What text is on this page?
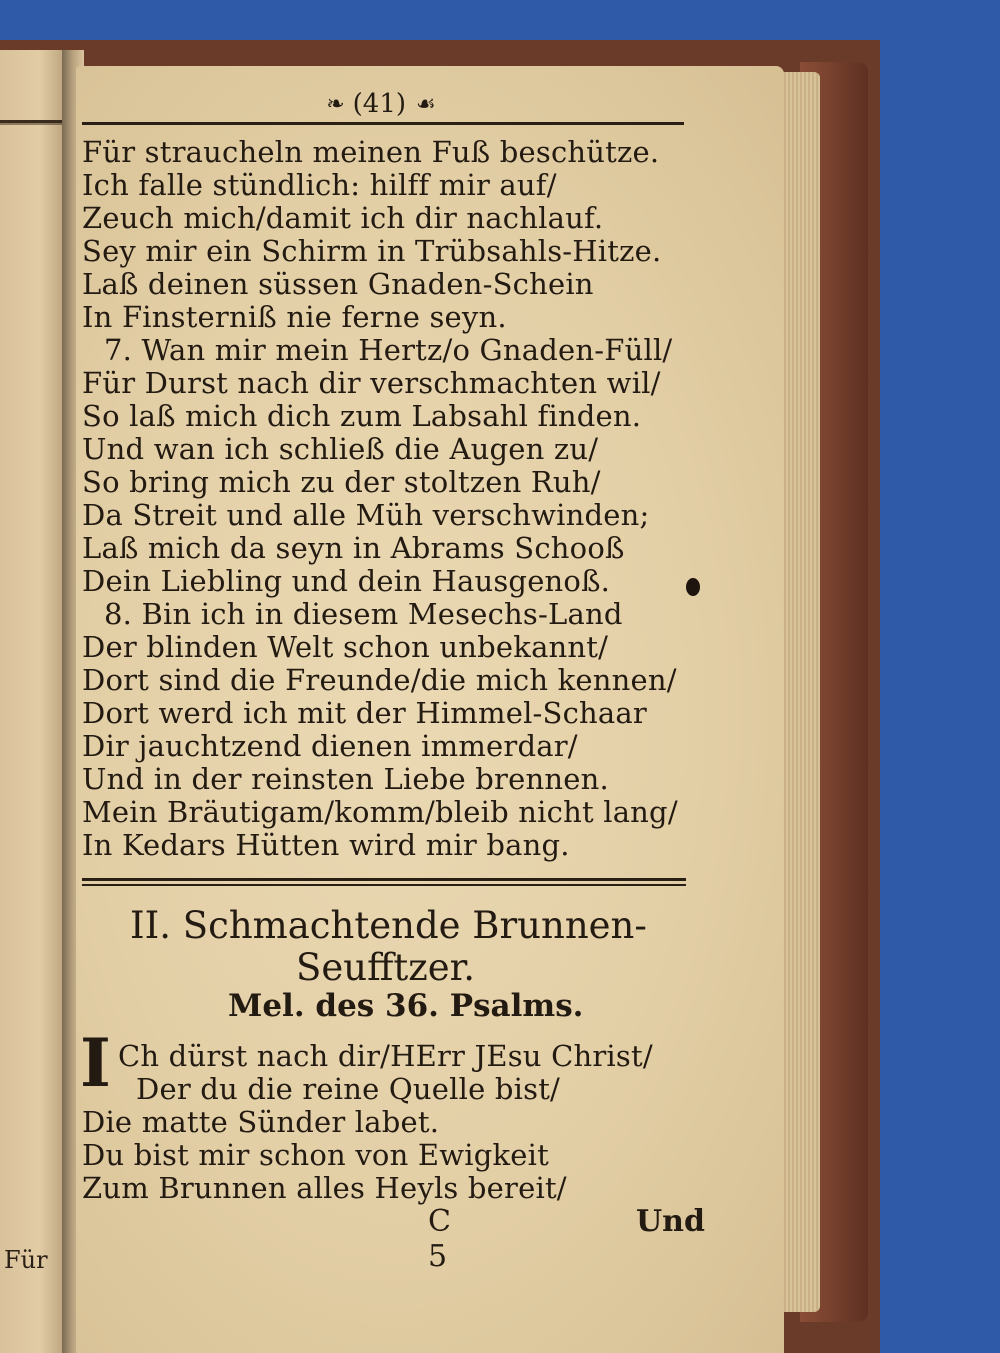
Für
❧ (41) ☙
Für straucheln meinen Fuß beschütze.
Ich falle stündlich: hilff mir auf/
Zeuch mich/damit ich dir nachlauf.
Sey mir ein Schirm in Trübsahls-Hitze.
Laß deinen süssen Gnaden-Schein
In Finsterniß nie ferne seyn.
7. Wan mir mein Hertz/o Gnaden-Füll/
Für Durst nach dir verschmachten wil/
So laß mich dich zum Labsahl finden.
Und wan ich schließ die Augen zu/
So bring mich zu der stoltzen Ruh/
Da Streit und alle Müh verschwinden;
Laß mich da seyn in Abrams Schooß
Dein Liebling und dein Hausgenoß.
8. Bin ich in diesem Mesechs-Land
Der blinden Welt schon unbekannt/
Dort sind die Freunde/die mich kennen/
Dort werd ich mit der Himmel-Schaar
Dir jauchtzend dienen immerdar/
Und in der reinsten Liebe brennen.
Mein Bräutigam/komm/bleib nicht lang/
In Kedars Hütten wird mir bang.
II. Schmachtende Brunnen-
Seufftzer.
Mel. des 36. Psalms.
I Ch dürst nach dir/HErr JEsu Christ/
Der du die reine Quelle bist/
Die matte Sünder labet.
Du bist mir schon von Ewigkeit
Zum Brunnen alles Heyls bereit/
C 5
Und
